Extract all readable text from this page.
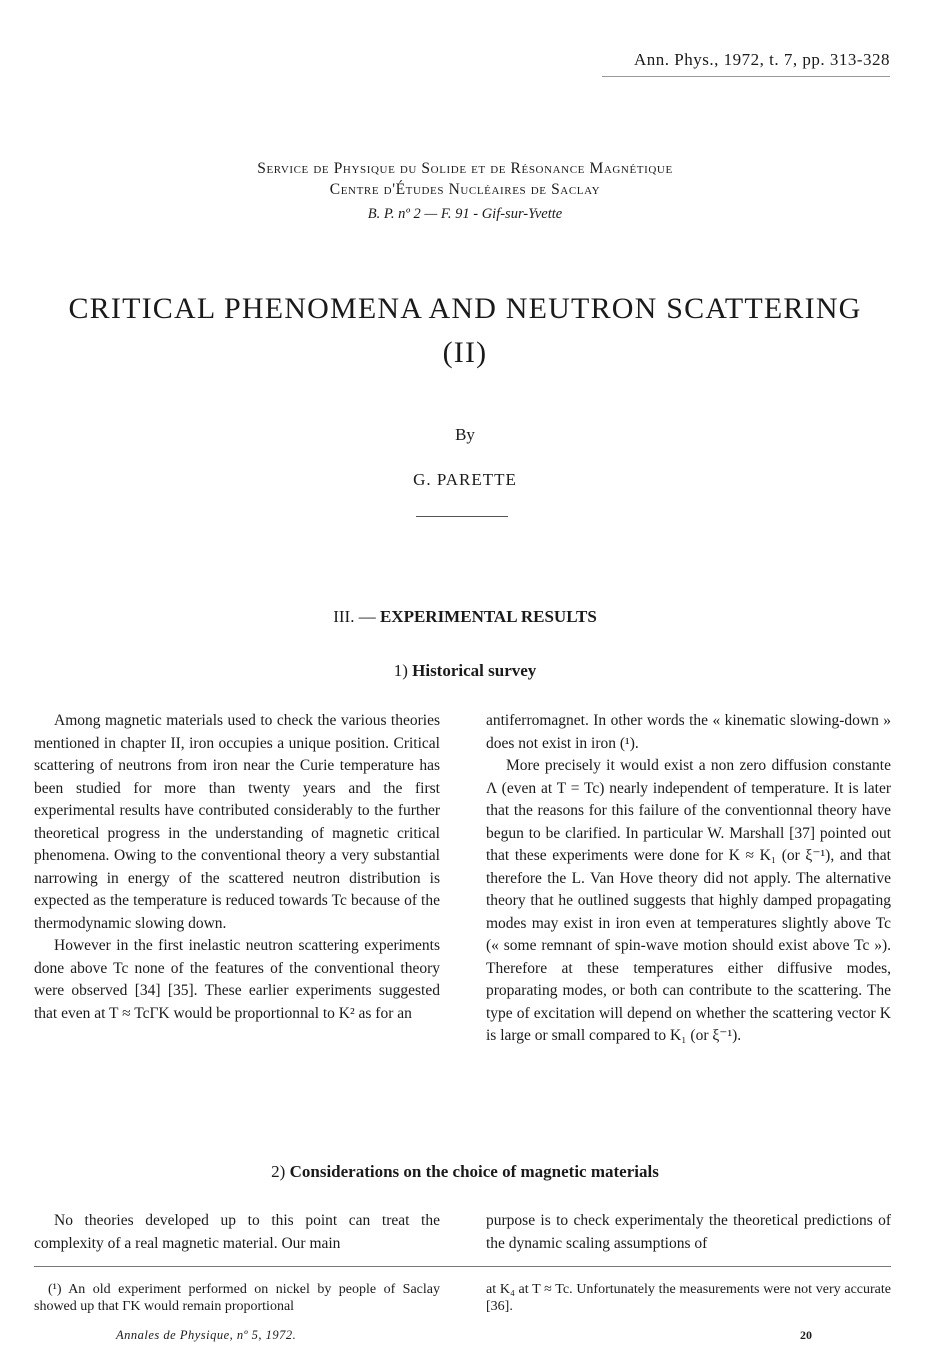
Ann. Phys., 1972, t. 7, pp. 313-328
Service de Physique du Solide et de Résonance Magnétique
Centre d'Études Nucléaires de Saclay
B. P. nº 2 — F. 91 - Gif-sur-Yvette
CRITICAL PHENOMENA AND NEUTRON SCATTERING
(II)
By
G. PARETTE
III. — EXPERIMENTAL RESULTS
1) Historical survey

Among magnetic materials used to check the various theories mentioned in chapter II, iron occupies a unique position. Critical scattering of neutrons from iron near the Curie temperature has been studied for more than twenty years and the first experimental results have contributed considerably to the further theoretical progress in the understanding of magnetic critical phenomena. Owing to the conventional theory a very substantial narrowing in energy of the scattered neutron distribution is expected as the temperature is reduced towards Tc because of the thermodynamic slowing down.

However in the first inelastic neutron scattering experiments done above Tc none of the features of the conventional theory were observed [34] [35]. These earlier experiments suggested that even at T ≈ TcΓK would be proportionnal to K² as for an

antiferromagnet. In other words the « kinematic slowing-down » does not exist in iron (¹).

More precisely it would exist a non zero diffusion constante Λ (even at T = Tc) nearly independent of temperature. It is later that the reasons for this failure of the conventionnal theory have begun to be clarified. In particular W. Marshall [37] pointed out that these experiments were done for K ≈ K₁ (or ξ⁻¹), and that therefore the L. Van Hove theory did not apply. The alternative theory that he outlined suggests that highly damped propagating modes may exist in iron even at temperatures slightly above Tc (« some remnant of spin-wave motion should exist above Tc »). Therefore at these temperatures either diffusive modes, proparating modes, or both can contribute to the scattering. The type of excitation will depend on whether the scattering vector K is large or small compared to K₁ (or ξ⁻¹).

2) Considerations on the choice of magnetic materials

No theories developed up to this point can treat the complexity of a real magnetic material. Our main

purpose is to check experimentaly the theoretical predictions of the dynamic scaling assumptions of

(¹) An old experiment performed on nickel by people of Saclay showed up that ΓK would remain proportional

at K₄ at T ≈ Tc. Unfortunately the measurements were not very accurate [36].

Annales de Physique, nº 5, 1972.	20
